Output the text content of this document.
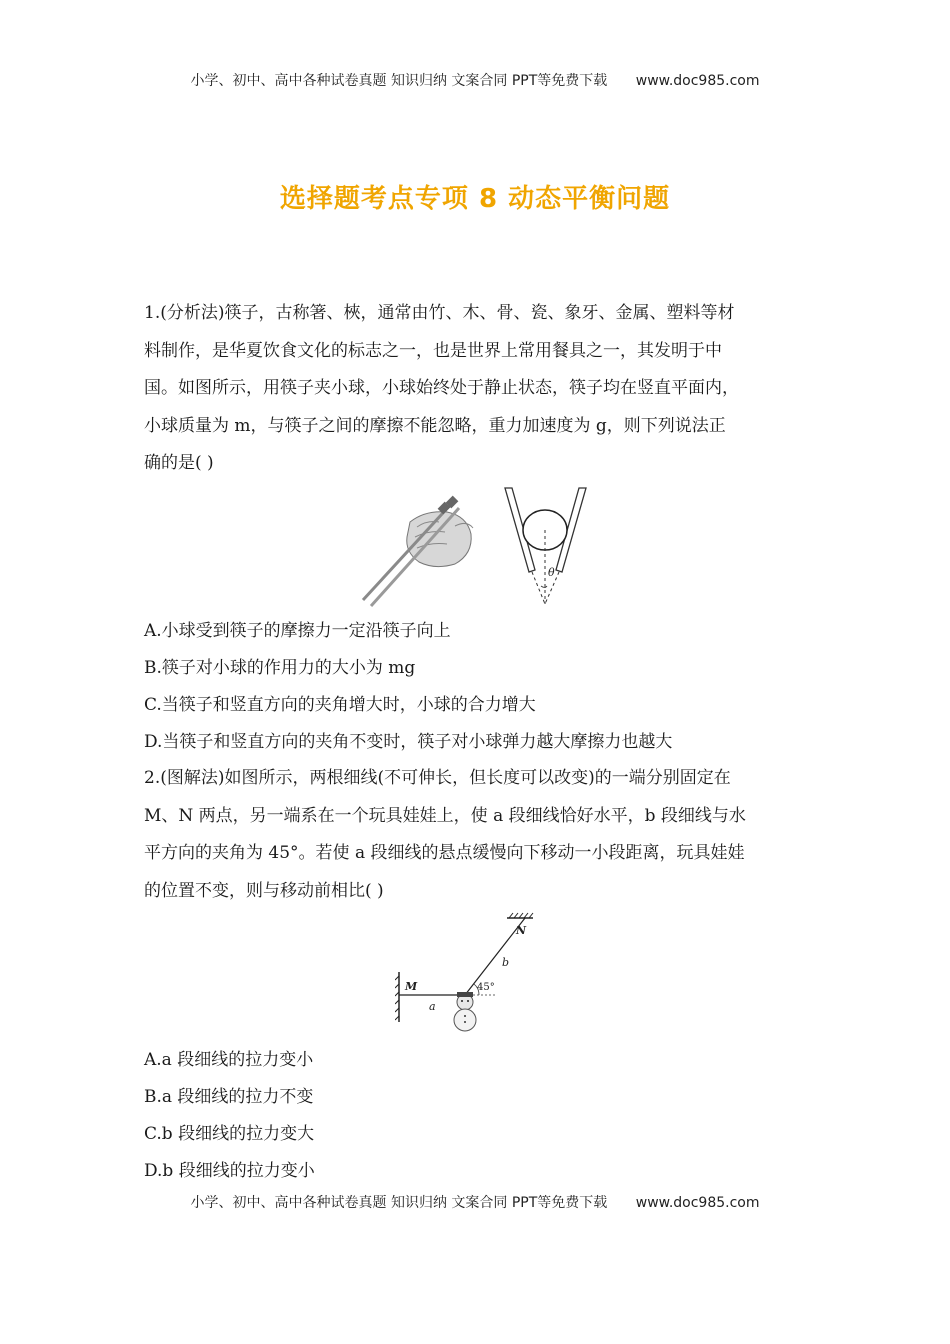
小学、初中、高中各种试卷真题 知识归纳 文案合同 PPT等免费下载 www.doc985.com
选择题考点专项 8 动态平衡问题

1.(分析法)筷子，古称箸、梜，通常由竹、木、骨、瓷、象牙、金属、塑料等材

料制作，是华夏饮食文化的标志之一，也是世界上常用餐具之一，其发明于中

国。如图所示，用筷子夹小球，小球始终处于静止状态，筷子均在竖直平面内，

小球质量为 m，与筷子之间的摩擦不能忽略，重力加速度为 g，则下列说法正

确的是( )

θ

A.小球受到筷子的摩擦力一定沿筷子向上

B.筷子对小球的作用力的大小为 mg

C.当筷子和竖直方向的夹角增大时，小球的合力增大

D.当筷子和竖直方向的夹角不变时，筷子对小球弹力越大摩擦力也越大

2.(图解法)如图所示，两根细线(不可伸长，但长度可以改变)的一端分别固定在

M、N 两点，另一端系在一个玩具娃娃上，使 a 段细线恰好水平，b 段细线与水

平方向的夹角为 45°。若使 a 段细线的悬点缓慢向下移动一小段距离，玩具娃娃

的位置不变，则与移动前相比( )

M
N
a
b
45°

A.a 段细线的拉力变小

B.a 段细线的拉力不变

C.b 段细线的拉力变大

D.b 段细线的拉力变小

小学、初中、高中各种试卷真题 知识归纳 文案合同 PPT等免费下载 www.doc985.com
